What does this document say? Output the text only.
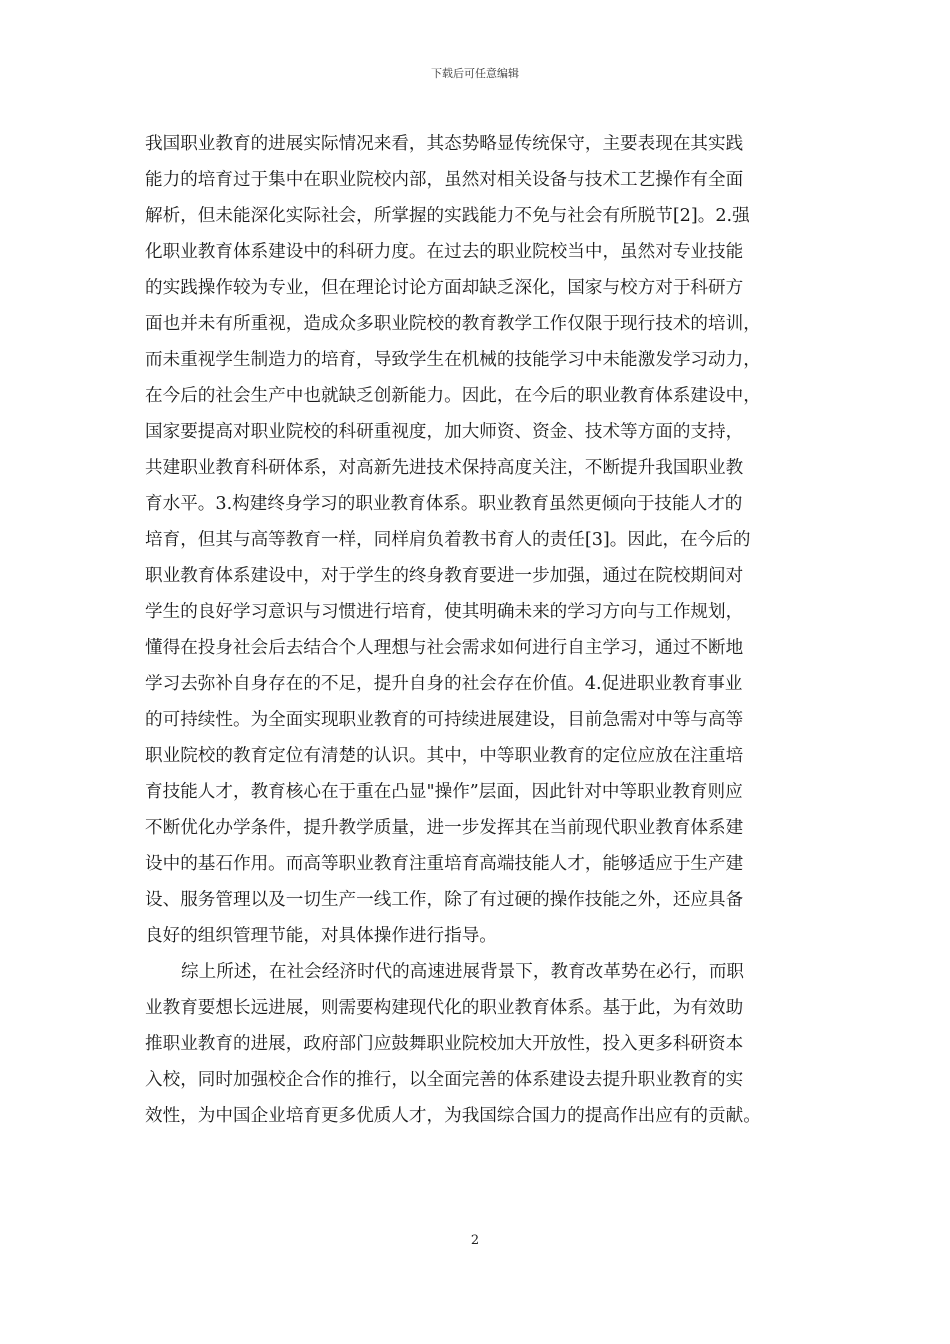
下载后可任意编辑
我国职业教育的进展实际情况来看，其态势略显传统保守，主要表现在其实践
能力的培育过于集中在职业院校内部，虽然对相关设备与技术工艺操作有全面
解析，但未能深化实际社会，所掌握的实践能力不免与社会有所脱节[2]。2.强
化职业教育体系建设中的科研力度。在过去的职业院校当中，虽然对专业技能
的实践操作较为专业，但在理论讨论方面却缺乏深化，国家与校方对于科研方
面也并未有所重视，造成众多职业院校的教育教学工作仅限于现行技术的培训，
而未重视学生制造力的培育，导致学生在机械的技能学习中未能激发学习动力，
在今后的社会生产中也就缺乏创新能力。因此，在今后的职业教育体系建设中，
国家要提高对职业院校的科研重视度，加大师资、资金、技术等方面的支持，
共建职业教育科研体系，对高新先进技术保持高度关注，不断提升我国职业教
育水平。3.构建终身学习的职业教育体系。职业教育虽然更倾向于技能人才的
培育，但其与高等教育一样，同样肩负着教书育人的责任[3]。因此，在今后的
职业教育体系建设中，对于学生的终身教育要进一步加强，通过在院校期间对
学生的良好学习意识与习惯进行培育，使其明确未来的学习方向与工作规划，
懂得在投身社会后去结合个人理想与社会需求如何进行自主学习，通过不断地
学习去弥补自身存在的不足，提升自身的社会存在价值。4.促进职业教育事业
的可持续性。为全面实现职业教育的可持续进展建设，目前急需对中等与高等
职业院校的教育定位有清楚的认识。其中，中等职业教育的定位应放在注重培
育技能人才，教育核心在于重在凸显"操作”层面，因此针对中等职业教育则应
不断优化办学条件，提升教学质量，进一步发挥其在当前现代职业教育体系建
设中的基石作用。而高等职业教育注重培育高端技能人才，能够适应于生产建
设、服务管理以及一切生产一线工作，除了有过硬的操作技能之外，还应具备
良好的组织管理节能，对具体操作进行指导。
综上所述，在社会经济时代的高速进展背景下，教育改革势在必行，而职
业教育要想长远进展，则需要构建现代化的职业教育体系。基于此，为有效助
推职业教育的进展，政府部门应鼓舞职业院校加大开放性，投入更多科研资本
入校，同时加强校企合作的推行，以全面完善的体系建设去提升职业教育的实
效性，为中国企业培育更多优质人才，为我国综合国力的提高作出应有的贡献。
2
